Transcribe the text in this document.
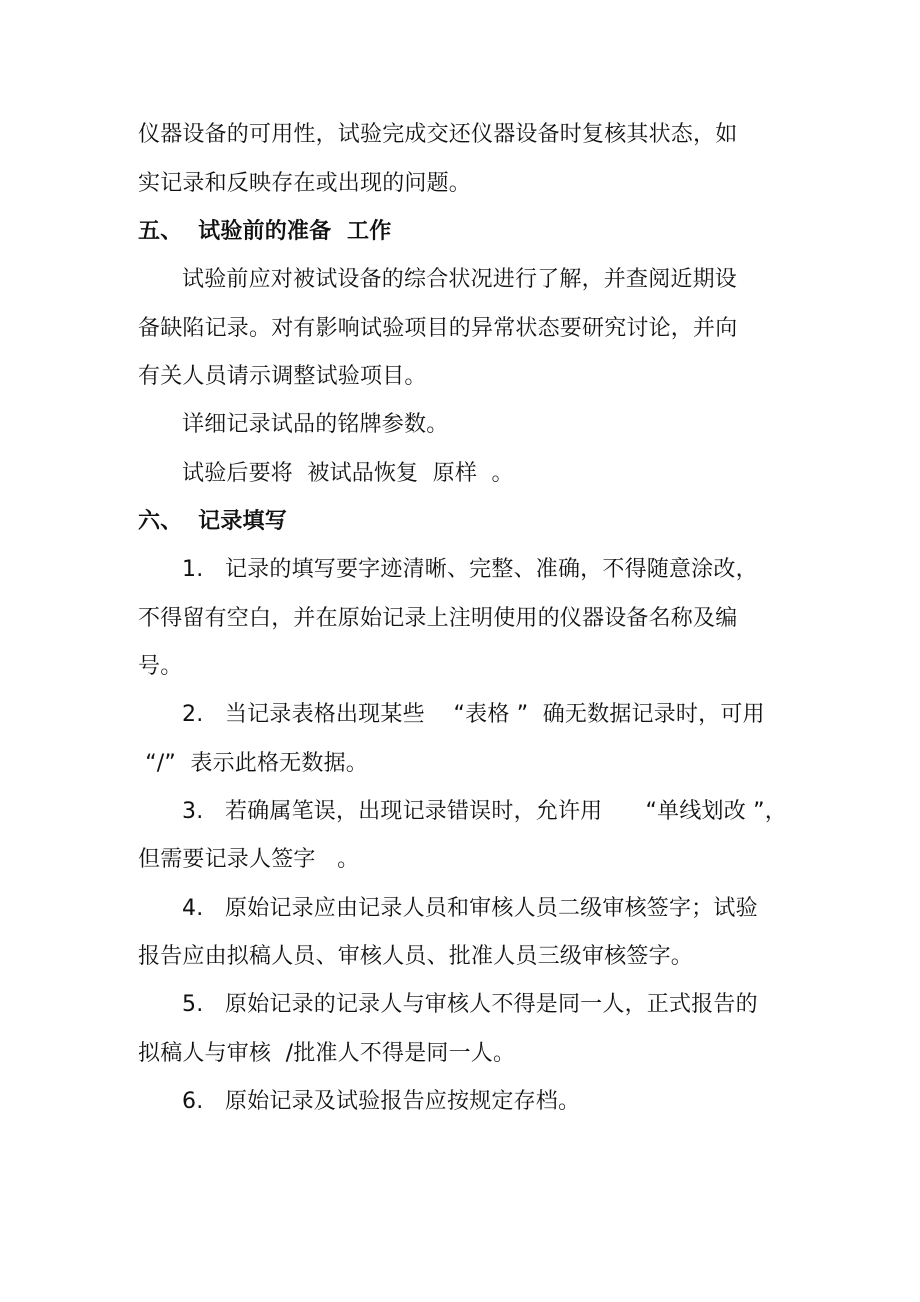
仪器设备的可用性，试验完成交还仪器设备时复核其状态，如
实记录和反映存在或出现的问题。
五、  试验前的准备  工作
试验前应对被试设备的综合状况进行了解，并查阅近期设
备缺陷记录。对有影响试验项目的异常状态要研究讨论，并向
有关人员请示调整试验项目。
详细记录试品的铭牌参数。
试验后要将  被试品恢复  原样  。
六、  记录填写
1.   记录的填写要字迹清晰、完整、准确，不得随意涂改，
不得留有空白，并在原始记录上注明使用的仪器设备名称及编
号。
2.   当记录表格出现某些    “表格 ”  确无数据记录时，可用
“/”  表示此格无数据。
3.   若确属笔误，出现记录错误时，允许用      “单线划改 ”，
但需要记录人签字   。
4.   原始记录应由记录人员和审核人员二级审核签字；试验
报告应由拟稿人员、审核人员、批准人员三级审核签字。
5.   原始记录的记录人与审核人不得是同一人，正式报告的
拟稿人与审核  /批准人不得是同一人。
6.   原始记录及试验报告应按规定存档。
